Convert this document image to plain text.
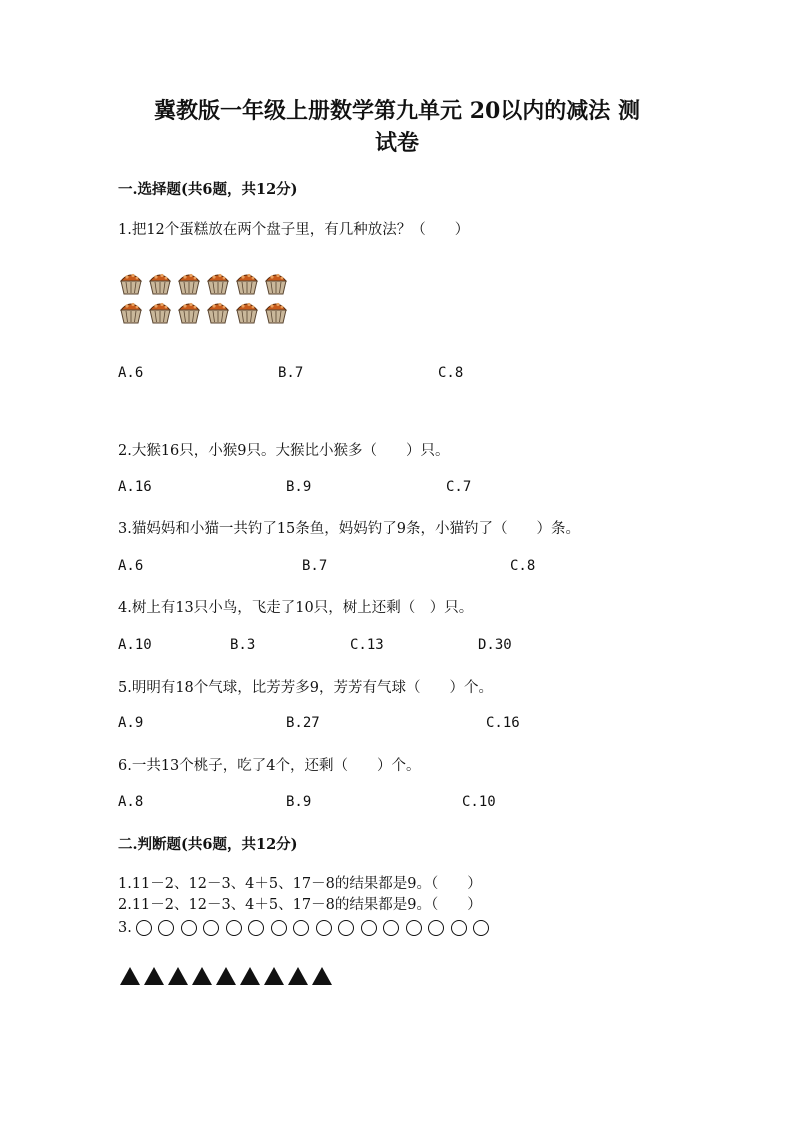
冀教版一年级上册数学第九单元 20以内的减法 测
试卷
一.选择题(共6题，共12分)
1.把12个蛋糕放在两个盘子里，有几种放法？（　　）
A.6	B.7	C.8
2.大猴16只，小猴9只。大猴比小猴多（　　）只。
A.16	B.9	C.7
3.猫妈妈和小猫一共钓了15条鱼，妈妈钓了9条，小猫钓了（　　）条。
A.6	B.7	C.8
4.树上有13只小鸟，飞走了10只，树上还剩（　）只。
A.10	B.3	C.13	D.30
5.明明有18个气球，比芳芳多9，芳芳有气球（　　）个。
A.9	B.27	C.16
6.一共13个桃子，吃了4个，还剩（　　）个。
A.8	B.9	C.10
二.判断题(共6题，共12分)
1.11－2、12－3、4＋5、17－8的结果都是9。（　　）
2.11－2、12－3、4＋5、17－8的结果都是9。（　　）
3.
